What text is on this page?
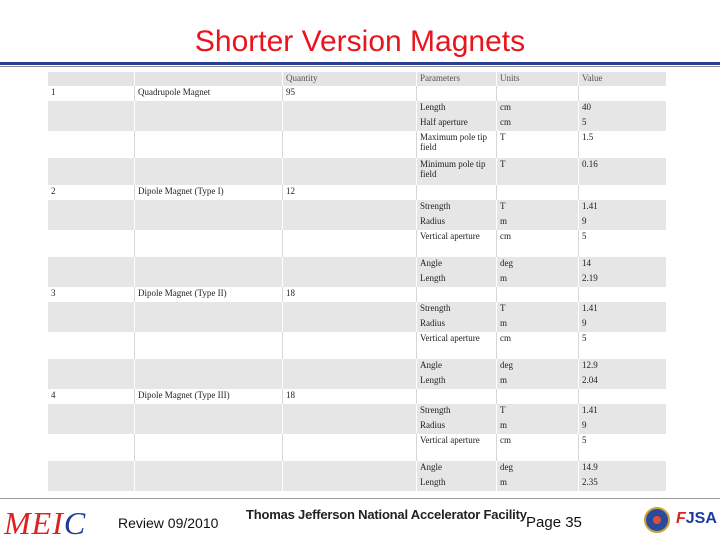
Shorter Version Magnets
		Quantity	Parameters	Units	Value
1	Quadrupole Magnet	95			
			Length	cm	40
			Half aperture	cm	5
			Maximum pole tip field	T	1.5
			Minimum pole tip field	T	0.16
2	Dipole Magnet (Type I)	12			
			Strength	T	1.41
			Radius	m	9
			Vertical aperture	cm	5
			Angle	deg	14
			Length	m	2.19
3	Dipole Magnet (Type II)	18			
			Strength	T	1.41
			Radius	m	9
			Vertical aperture	cm	5
			Angle	deg	12.9
			Length	m	2.04
4	Dipole Magnet (Type III)	18			
			Strength	T	1.41
			Radius	m	9
			Vertical aperture	cm	5
			Angle	deg	14.9
			Length	m	2.35
MEIC Review 09/2010
Thomas Jefferson National Accelerator Facility Page 35	FJSA
